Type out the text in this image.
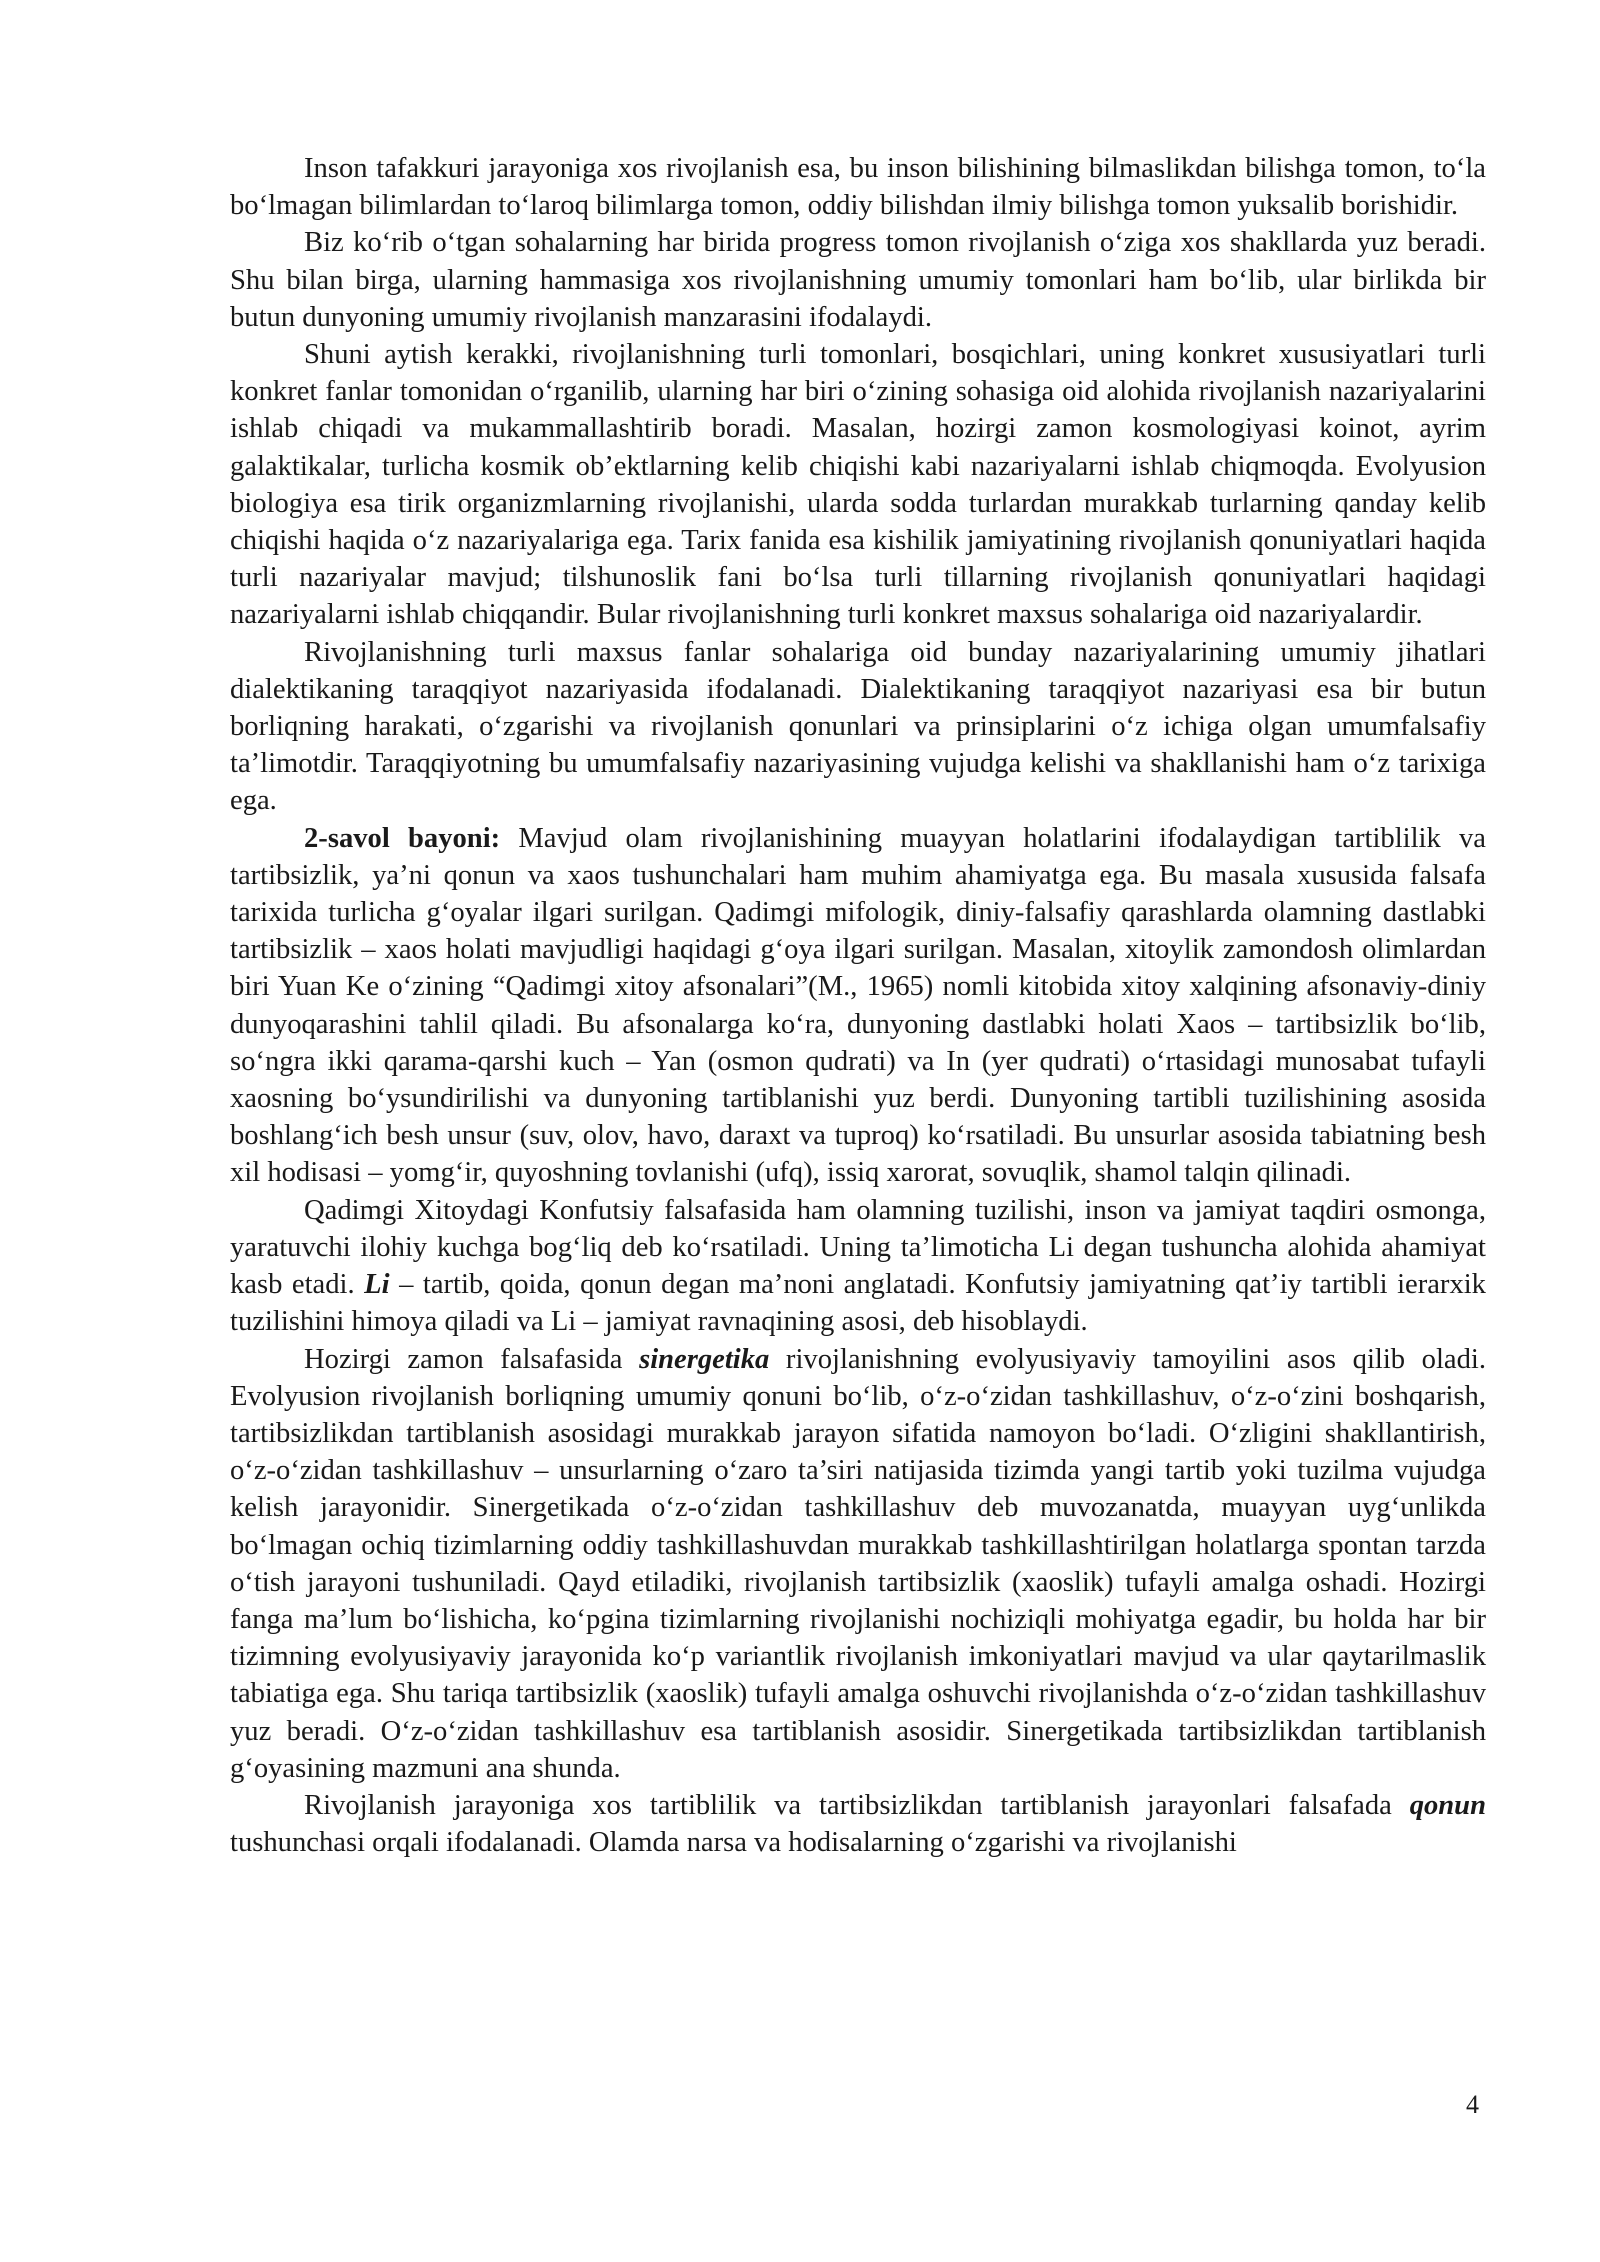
Inson tafakkuri jarayoniga xos rivojlanish esa, bu inson bilishining bilmaslikdan bilishga tomon, to‘la bo‘lmagan bilimlardan to‘laroq bilimlarga tomon, oddiy bilishdan ilmiy bilishga tomon yuksalib borishidir.

Biz ko‘rib o‘tgan sohalarning har birida progress tomon rivojlanish o‘ziga xos shakllarda yuz beradi. Shu bilan birga, ularning hammasiga xos rivojlanishning umumiy tomonlari ham bo‘lib, ular birlikda bir butun dunyoning umumiy rivojlanish manzarasini ifodalaydi.

Shuni aytish kerakki, rivojlanishning turli tomonlari, bosqichlari, uning konkret xususiyatlari turli konkret fanlar tomonidan o‘rganilib, ularning har biri o‘zining sohasiga oid alohida rivojlanish nazariyalarini ishlab chiqadi va mukammallashtirib boradi. Masalan, hozirgi zamon kosmologiyasi koinot, ayrim galaktikalar, turlicha kosmik ob’ektlarning kelib chiqishi kabi nazariyalarni ishlab chiqmoqda. Evolyusion biologiya esa tirik organizmlarning rivojlanishi, ularda sodda turlardan murakkab turlarning qanday kelib chiqishi haqida o‘z nazariyalariga ega. Tarix fanida esa kishilik jamiyatining rivojlanish qonuniyatlari haqida turli nazariyalar mavjud; tilshunoslik fani bo‘lsa turli tillarning rivojlanish qonuniyatlari haqidagi nazariyalarni ishlab chiqqandir. Bular rivojlanishning turli konkret maxsus sohalariga oid nazariyalardir.

Rivojlanishning turli maxsus fanlar sohalariga oid bunday nazariyalarining umumiy jihatlari dialektikaning taraqqiyot nazariyasida ifodalanadi. Dialektikaning taraqqiyot nazariyasi esa bir butun borliqning harakati, o‘zgarishi va rivojlanish qonunlari va prinsiplarini o‘z ichiga olgan umumfalsafiy ta’limotdir. Taraqqiyotning bu umumfalsafiy nazariyasining vujudga kelishi va shakllanishi ham o‘z tarixiga ega.

2-savol bayoni: Mavjud olam rivojlanishining muayyan holatlarini ifodalaydigan tartiblilik va tartibsizlik, ya’ni qonun va xaos tushunchalari ham muhim ahamiyatga ega. Bu masala xususida falsafa tarixida turlicha g‘oyalar ilgari surilgan. Qadimgi mifologik, diniy-falsafiy qarashlarda olamning dastlabki tartibsizlik – xaos holati mavjudligi haqidagi g‘oya ilgari surilgan. Masalan, xitoylik zamondosh olimlardan biri Yuan Ke o‘zining “Qadimgi xitoy afsonalari”(M., 1965) nomli kitobida xitoy xalqining afsonaviy-diniy dunyoqarashini tahlil qiladi. Bu afsonalarga ko‘ra, dunyoning dastlabki holati Xaos – tartibsizlik bo‘lib, so‘ngra ikki qarama-qarshi kuch – Yan (osmon qudrati) va In (yer qudrati) o‘rtasidagi munosabat tufayli xaosning bo‘ysundirilishi va dunyoning tartiblanishi yuz berdi. Dunyoning tartibli tuzilishining asosida boshlang‘ich besh unsur (suv, olov, havo, daraxt va tuproq) ko‘rsatiladi. Bu unsurlar asosida tabiatning besh xil hodisasi – yomg‘ir, quyoshning tovlanishi (ufq), issiq xarorat, sovuqlik, shamol talqin qilinadi.

Qadimgi Xitoydagi Konfutsiy falsafasida ham olamning tuzilishi, inson va jamiyat taqdiri osmonga, yaratuvchi ilohiy kuchga bog‘liq deb ko‘rsatiladi. Uning ta’limoticha Li degan tushuncha alohida ahamiyat kasb etadi. Li – tartib, qoida, qonun degan ma’noni anglatadi. Konfutsiy jamiyatning qat’iy tartibli ierarxik tuzilishini himoya qiladi va Li – jamiyat ravnaqining asosi, deb hisoblaydi.

Hozirgi zamon falsafasida sinergetika rivojlanishning evolyusiyaviy tamoyilini asos qilib oladi. Evolyusion rivojlanish borliqning umumiy qonuni bo‘lib, o‘z-o‘zidan tashkillashuv, o‘z-o‘zini boshqarish, tartibsizlikdan tartiblanish asosidagi murakkab jarayon sifatida namoyon bo‘ladi. O‘zligini shakllantirish, o‘z-o‘zidan tashkillashuv – unsurlarning o‘zaro ta’siri natijasida tizimda yangi tartib yoki tuzilma vujudga kelish jarayonidir. Sinergetikada o‘z-o‘zidan tashkillashuv deb muvozanatda, muayyan uyg‘unlikda bo‘lmagan ochiq tizimlarning oddiy tashkillashuvdan murakkab tashkillashtirilgan holatlarga spontan tarzda o‘tish jarayoni tushuniladi. Qayd etiladiki, rivojlanish tartibsizlik (xaoslik) tufayli amalga oshadi. Hozirgi fanga ma’lum bo‘lishicha, ko‘pgina tizimlarning rivojlanishi nochiziqli mohiyatga egadir, bu holda har bir tizimning evolyusiyaviy jarayonida ko‘p variantlik rivojlanish imkoniyatlari mavjud va ular qaytarilmaslik tabiatiga ega. Shu tariqa tartibsizlik (xaoslik) tufayli amalga oshuvchi rivojlanishda o‘z-o‘zidan tashkillashuv yuz beradi. O‘z-o‘zidan tashkillashuv esa tartiblanish asosidir. Sinergetikada tartibsizlikdan tartiblanish g‘oyasining mazmuni ana shunda.

Rivojlanish jarayoniga xos tartiblilik va tartibsizlikdan tartiblanish jarayonlari falsafada qonun tushunchasi orqali ifodalanadi. Olamda narsa va hodisalarning o‘zgarishi va rivojlanishi

4
